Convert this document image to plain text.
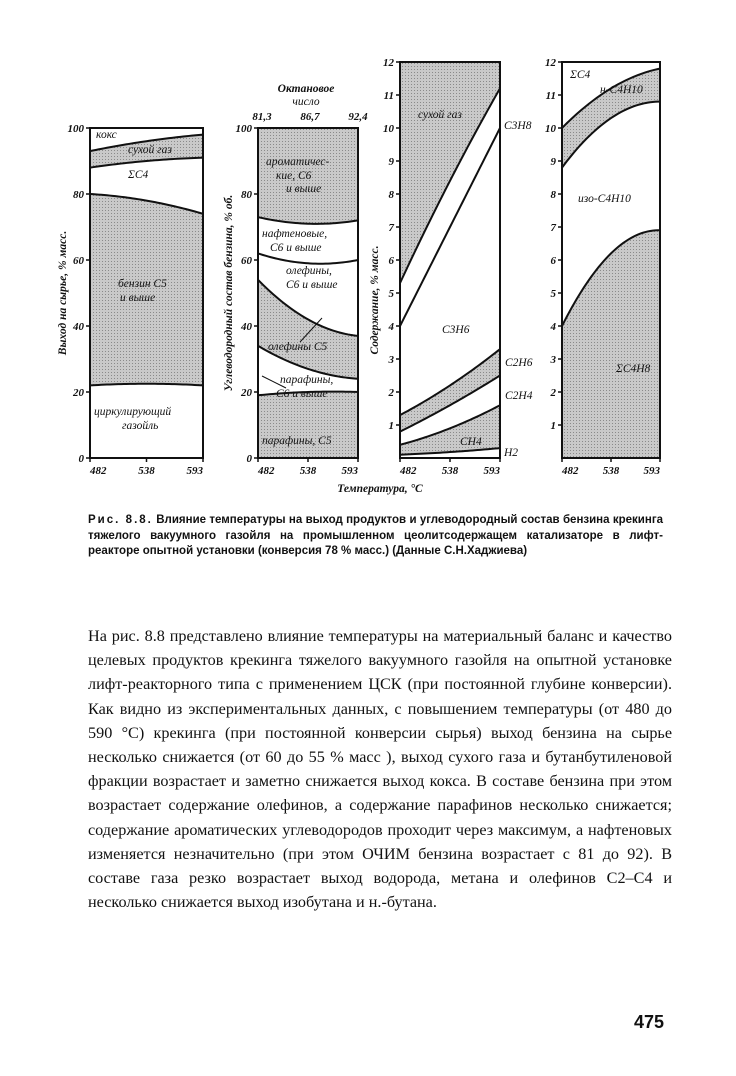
0
20
40
60
80
100
482	538	593
Выход на сырье, % масс.
0
20
40
60
80
100
482 538 593
Углеводородный состав бензина, % об.
1
2
3
4
5
6
7
8
9
10
11
12
482 538 593
Содержание, % масс.
1
2
3
4
5
6
7
8
9
10
11
12
482 538 593
кокс
сухой газ
ΣC4
бензин C5
и выше
циркулирующий
газойль
ароматичес-
кие, C6
и выше
нафтеновые,
C6 и выше
олефины,
C6 и выше
олефины C5
парафины,
C6 и выше
парафины, C5
сухой газ
C3H8
C3H6
C2H6
C2H4
CH4
H2
ΣC4
н-C4H10
изо-C4H10
ΣC4H8
Октановое
число
81,3	86,7	92,4
Температура, °С
Рис. 8.8. Влияние температуры на выход продуктов и углеводородный состав бензина крекинга тяжелого вакуумного газойля на промышленном цеолитсодержащем катализаторе в лифт-реакторе опытной установки (конверсия 78 % масс.) (Данные С.Н.Хаджиева)

На рис. 8.8 представлено влияние температуры на материальный баланс и качество целевых продуктов крекинга тяжелого вакуумного газойля на опытной установке лифт-реакторного типа с применением ЦСК (при постоянной глубине конверсии). Как видно из экспериментальных данных, с повышением температуры (от 480 до 590 °С) крекинга (при постоянной конверсии сырья) выход бензина на сырье несколько снижается (от 60 до 55 % масс ), выход сухого газа и бутанбутиленовой фракции возрастает и заметно снижается выход кокса. В составе бензина при этом возрастает содержание олефинов, а содержание парафинов несколько снижается; содержание ароматических углеводородов проходит через максимум, а нафтеновых изменяется незначительно (при этом ОЧИМ бензина возрастает с 81 до 92). В составе газа резко возрастает выход водорода, метана и олефинов C2–C4 и несколько снижается выход изобутана и н.-бутана.

475
